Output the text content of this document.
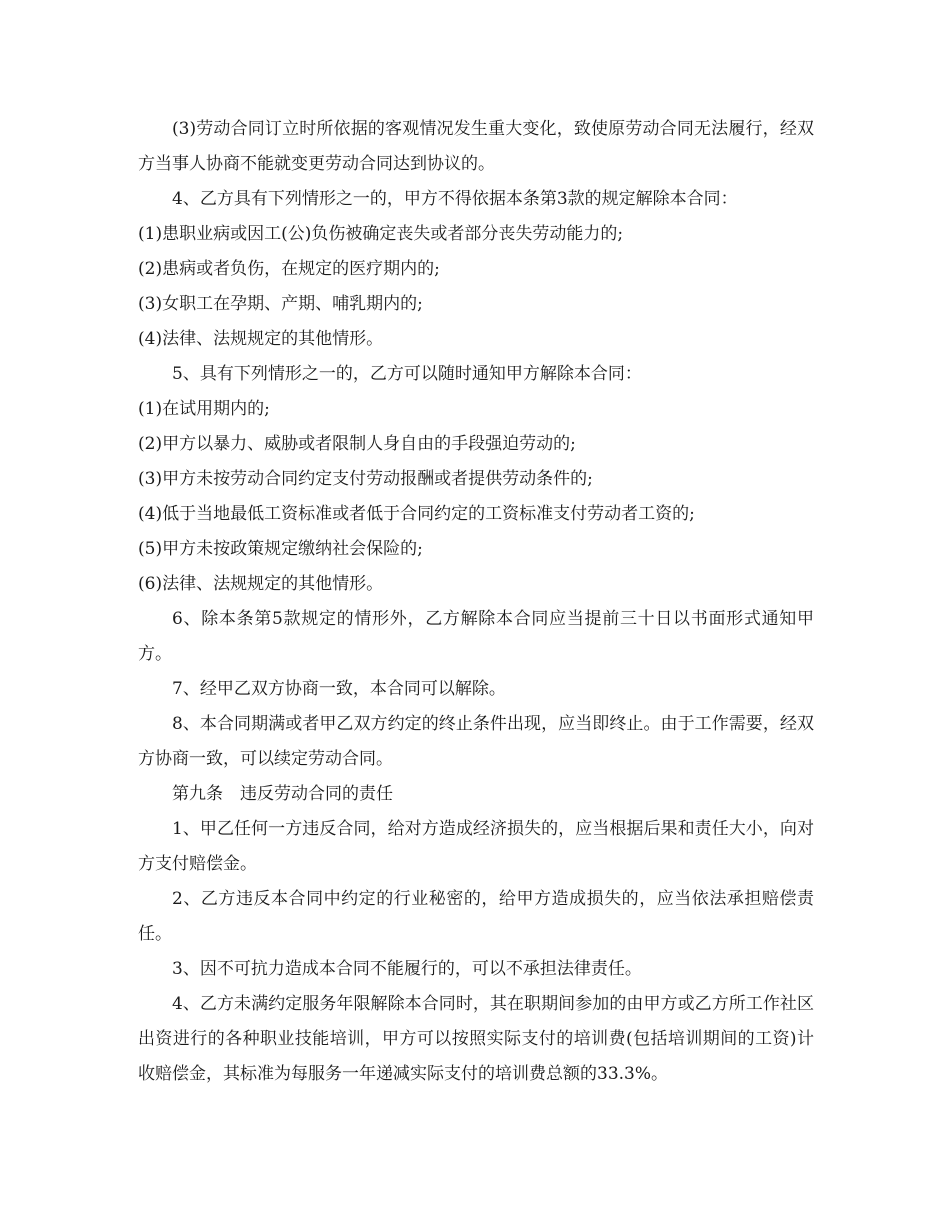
(3)劳动合同订立时所依据的客观情况发生重大变化，致使原劳动合同无法履行，经双方当事人协商不能就变更劳动合同达到协议的。

4、乙方具有下列情形之一的，甲方不得依据本条第3款的规定解除本合同：

(1)患职业病或因工(公)负伤被确定丧失或者部分丧失劳动能力的;

(2)患病或者负伤，在规定的医疗期内的;

(3)女职工在孕期、产期、哺乳期内的;

(4)法律、法规规定的其他情形。

5、具有下列情形之一的，乙方可以随时通知甲方解除本合同：

(1)在试用期内的;

(2)甲方以暴力、威胁或者限制人身自由的手段强迫劳动的;

(3)甲方未按劳动合同约定支付劳动报酬或者提供劳动条件的;

(4)低于当地最低工资标准或者低于合同约定的工资标准支付劳动者工资的;

(5)甲方未按政策规定缴纳社会保险的;

(6)法律、法规规定的其他情形。

6、除本条第5款规定的情形外，乙方解除本合同应当提前三十日以书面形式通知甲方。

7、经甲乙双方协商一致，本合同可以解除。

8、本合同期满或者甲乙双方约定的终止条件出现，应当即终止。由于工作需要，经双方协商一致，可以续定劳动合同。

第九条　违反劳动合同的责任

1、甲乙任何一方违反合同，给对方造成经济损失的，应当根据后果和责任大小，向对方支付赔偿金。

2、乙方违反本合同中约定的行业秘密的，给甲方造成损失的，应当依法承担赔偿责任。

3、因不可抗力造成本合同不能履行的，可以不承担法律责任。

4、乙方未满约定服务年限解除本合同时，其在职期间参加的由甲方或乙方所工作社区出资进行的各种职业技能培训，甲方可以按照实际支付的培训费(包括培训期间的工资)计收赔偿金，其标准为每服务一年递减实际支付的培训费总额的33.3%。
